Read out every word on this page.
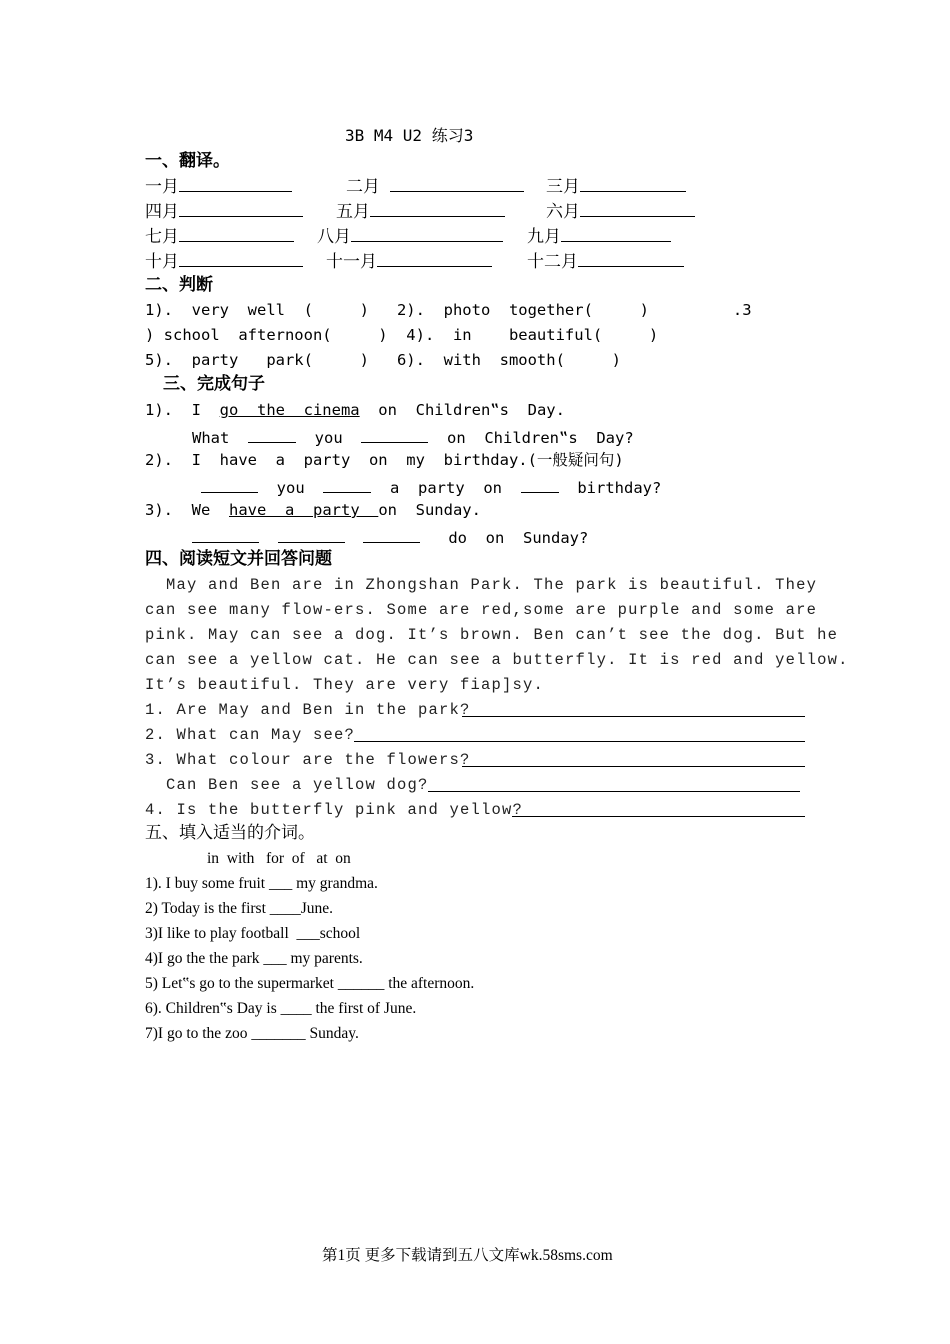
3B M4 U2 练习3
一、翻译。
一月	二月	三月
四月	五月	六月
七月	八月	九月
十月	十一月	十二月
二、判断
1).  very  well  (     )   2).  photo  together(     )         .3
) school  afternoon(     )  4).  in    beautiful(     )
5).  party   park(     )   6).  with  smooth(     )
三、完成句子
1).  I  go  the  cinema  on  Children‟s  Day.
What	you	on  Children‟s  Day?
2).  I  have  a  party  on  my  birthday.(一般疑问句)
you	a  party  on	birthday?
3).  We  have  a  party  on  Sunday.
do  on  Sunday?
四、阅读短文并回答问题
May and Ben are in Zhongshan Park. The park is beautiful. They
can see many flow-ers. Some are red,some are purple and some are
pink. May can see a dog. It’s brown. Ben can’t see the dog. But he
can see a yellow cat. He can see a butterfly. It is red and yellow.
It’s beautiful. They are very fiap]sy.
1. Are May and Ben in the park?
2. What can May see?
3. What colour are the flowers?
Can Ben see a yellow dog?
4. Is the butterfly pink and yellow?
五、填入适当的介词。
in  with   for  of   at  on
1). I buy some fruit ___ my grandma.
2) Today is the first ____June.
3)I like to play football  ___school
4)I go the the park ___ my parents.
5) Let‟s go to the supermarket ______ the afternoon.
6). Children‟s Day is ____ the first of June.
7)I go to the zoo _______ Sunday.
第1页 更多下载请到五八文库wk.58sms.com
